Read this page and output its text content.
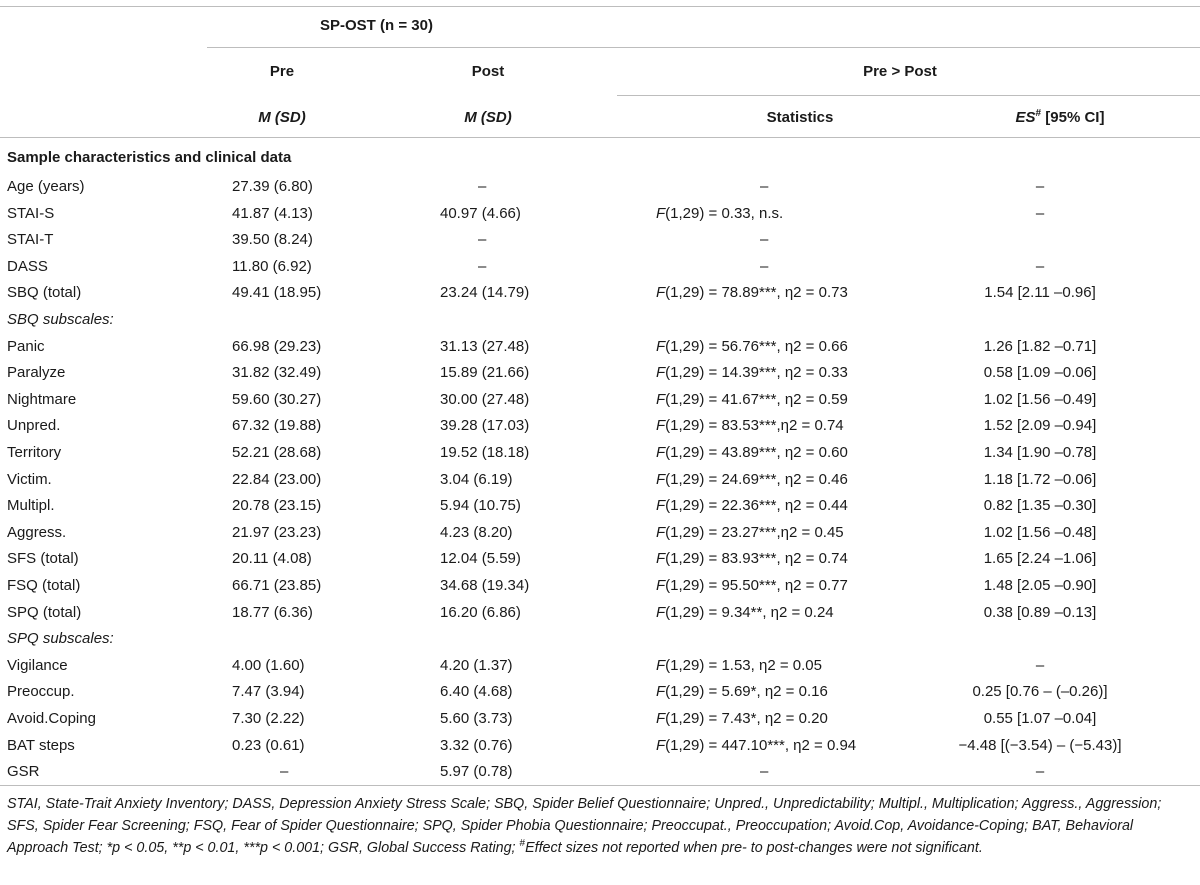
SP-OST (n = 30)
Pre	Post	Pre > Post
M (SD)	M (SD)	Statistics	ES# [95% CI]
Sample characteristics and clinical data
Age (years)	27.39 (6.80)	–	–	–
STAI-S	41.87 (4.13)	40.97 (4.66)	F(1,29) = 0.33, n.s.	–
STAI-T	39.50 (8.24)	–	–
DASS	11.80 (6.92)	–	–	–
SBQ (total)	49.41 (18.95)	23.24 (14.79)	F(1,29) = 78.89***, η2 = 0.73	1.54 [2.11 –0.96]
SBQ subscales:
Panic	66.98 (29.23)	31.13 (27.48)	F(1,29) = 56.76***, η2 = 0.66	1.26 [1.82 –0.71]
Paralyze	31.82 (32.49)	15.89 (21.66)	F(1,29) = 14.39***, η2 = 0.33	0.58 [1.09 –0.06]
Nightmare	59.60 (30.27)	30.00 (27.48)	F(1,29) = 41.67***, η2 = 0.59	1.02 [1.56 –0.49]
Unpred.	67.32 (19.88)	39.28 (17.03)	F(1,29) = 83.53***,η2 = 0.74	1.52 [2.09 –0.94]
Territory	52.21 (28.68)	19.52 (18.18)	F(1,29) = 43.89***, η2 = 0.60	1.34 [1.90 –0.78]
Victim.	22.84 (23.00)	3.04 (6.19)	F(1,29) = 24.69***, η2 = 0.46	1.18 [1.72 –0.06]
Multipl.	20.78 (23.15)	5.94 (10.75)	F(1,29) = 22.36***, η2 = 0.44	0.82 [1.35 –0.30]
Aggress.	21.97 (23.23)	4.23 (8.20)	F(1,29) = 23.27***,η2 = 0.45	1.02 [1.56 –0.48]
SFS (total)	20.11 (4.08)	12.04 (5.59)	F(1,29) = 83.93***, η2 = 0.74	1.65 [2.24 –1.06]
FSQ (total)	66.71 (23.85)	34.68 (19.34)	F(1,29) = 95.50***, η2 = 0.77	1.48 [2.05 –0.90]
SPQ (total)	18.77 (6.36)	16.20 (6.86)	F(1,29) = 9.34**, η2 = 0.24	0.38 [0.89 –0.13]
SPQ subscales:
Vigilance	4.00 (1.60)	4.20 (1.37)	F(1,29) = 1.53, η2 = 0.05	–
Preoccup.	7.47 (3.94)	6.40 (4.68)	F(1,29) = 5.69*, η2 = 0.16	0.25 [0.76 – (–0.26)]
Avoid.Coping	7.30 (2.22)	5.60 (3.73)	F(1,29) = 7.43*, η2 = 0.20	0.55 [1.07 –0.04]
BAT steps	0.23 (0.61)	3.32 (0.76)	F(1,29) = 447.10***, η2 = 0.94	−4.48 [(−3.54) – (−5.43)]
GSR	–	5.97 (0.78)	–	–
STAI, State-Trait Anxiety Inventory; DASS, Depression Anxiety Stress Scale; SBQ, Spider Belief Questionnaire; Unpred., Unpredictability; Multipl., Multiplication; Aggress., Aggression; SFS, Spider Fear Screening; FSQ, Fear of Spider Questionnaire; SPQ, Spider Phobia Questionnaire; Preoccupat., Preoccupation; Avoid.Cop, Avoidance-Coping; BAT, Behavioral Approach Test; *p < 0.05, **p < 0.01, ***p < 0.001; GSR, Global Success Rating; #Effect sizes not reported when pre- to post-changes were not significant.
